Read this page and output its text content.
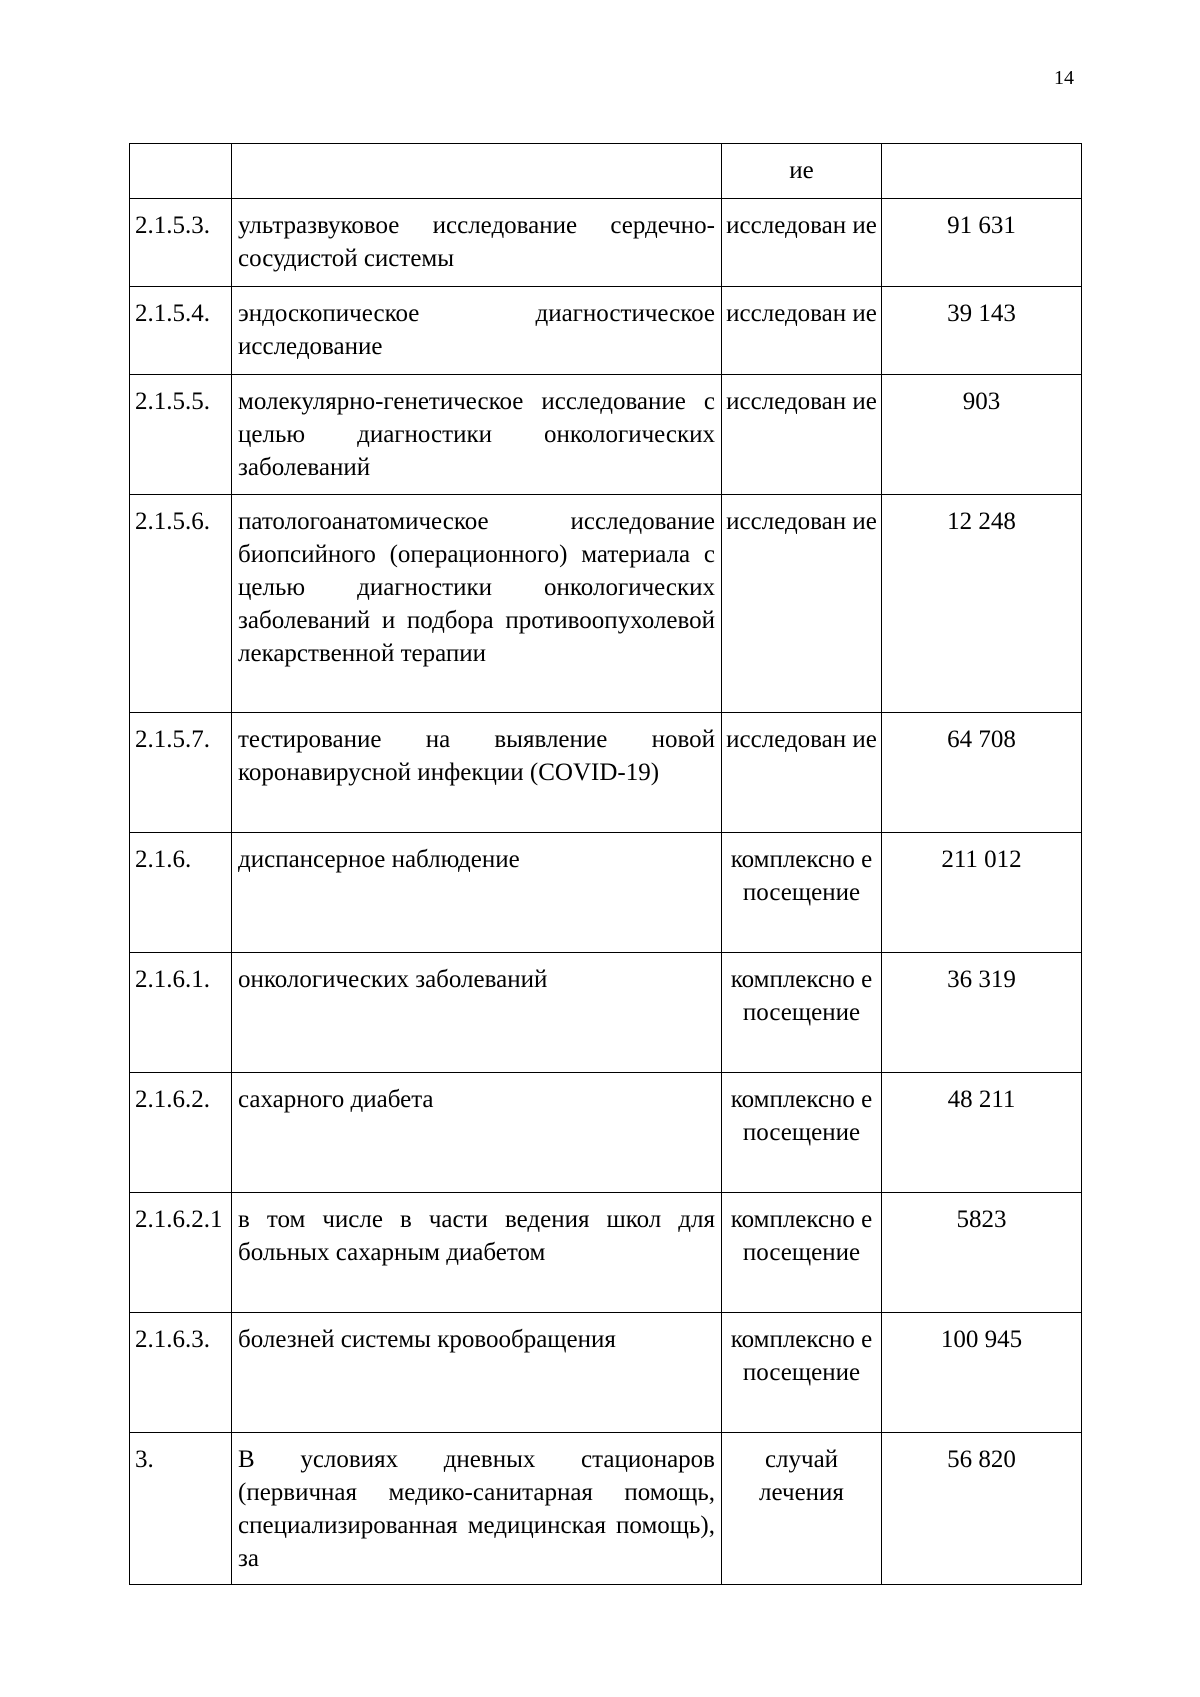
14
		ие	
2.1.5.3.	ультразвуковое исследование сердечно-сосудистой системы	исследован ие	91 631
2.1.5.4.	эндоскопическое диагностическое исследование	исследован ие	39 143
2.1.5.5.	молекулярно-генетическое исследование с целью диагностики онкологических заболеваний	исследован ие	903
2.1.5.6.	патологоанатомическое исследование биопсийного (операционного) материала с целью диагностики онкологических заболеваний и подбора противоопухолевой лекарственной терапии	исследован ие	12 248
2.1.5.7.	тестирование на выявление новой коронавирусной инфекции (COVID-19)	исследован ие	64 708
2.1.6.	диспансерное наблюдение	комплексно е посещение	211 012
2.1.6.1.	онкологических заболеваний	комплексно е посещение	36 319
2.1.6.2.	сахарного диабета	комплексно е посещение	48 211
2.1.6.2.1	в том числе в части ведения школ для больных сахарным диабетом	комплексно е посещение	5823
2.1.6.3.	болезней системы кровообращения	комплексно е посещение	100 945
3.	В условиях дневных стационаров (первичная медико-санитарная помощь, специализированная медицинская помощь), за	случай лечения	56 820
